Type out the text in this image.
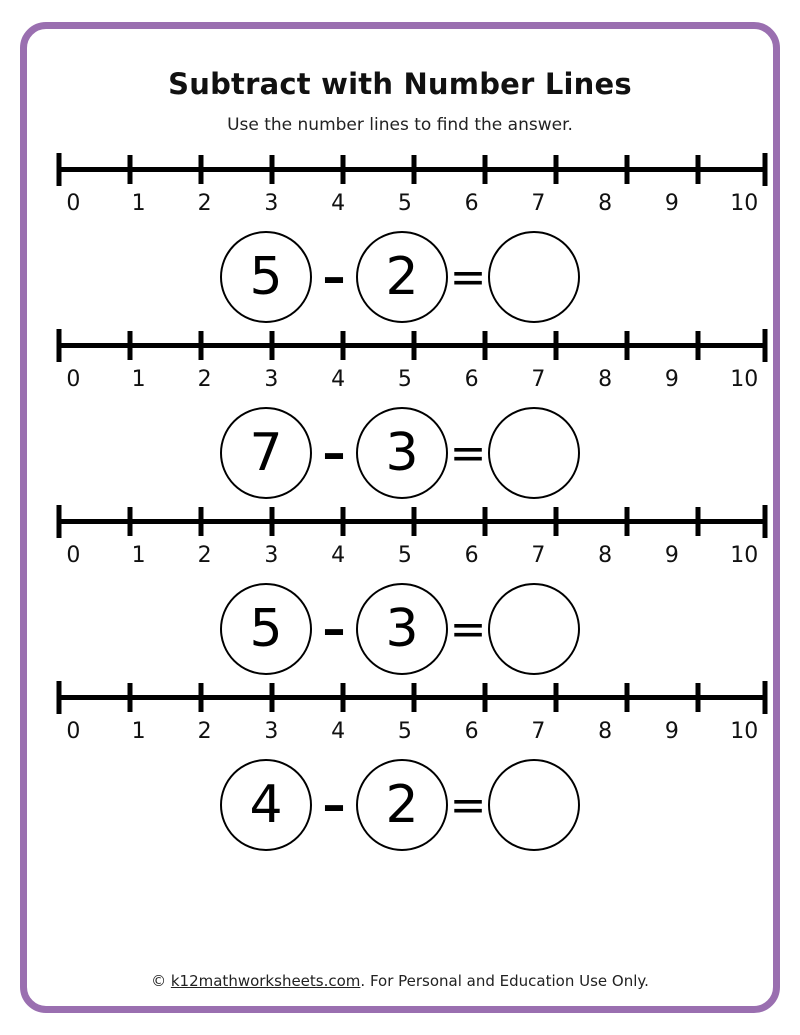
Subtract with Number Lines
Use the number lines to find the answer.
0 1 2 3 4 5 6 7 8 9 10
5 – 2 =
0 1 2 3 4 5 6 7 8 9 10
7 – 3 =
0 1 2 3 4 5 6 7 8 9 10
5 – 3 =
0 1 2 3 4 5 6 7 8 9 10
4 – 2 =
© k12mathworksheets.com. For Personal and Education Use Only.
